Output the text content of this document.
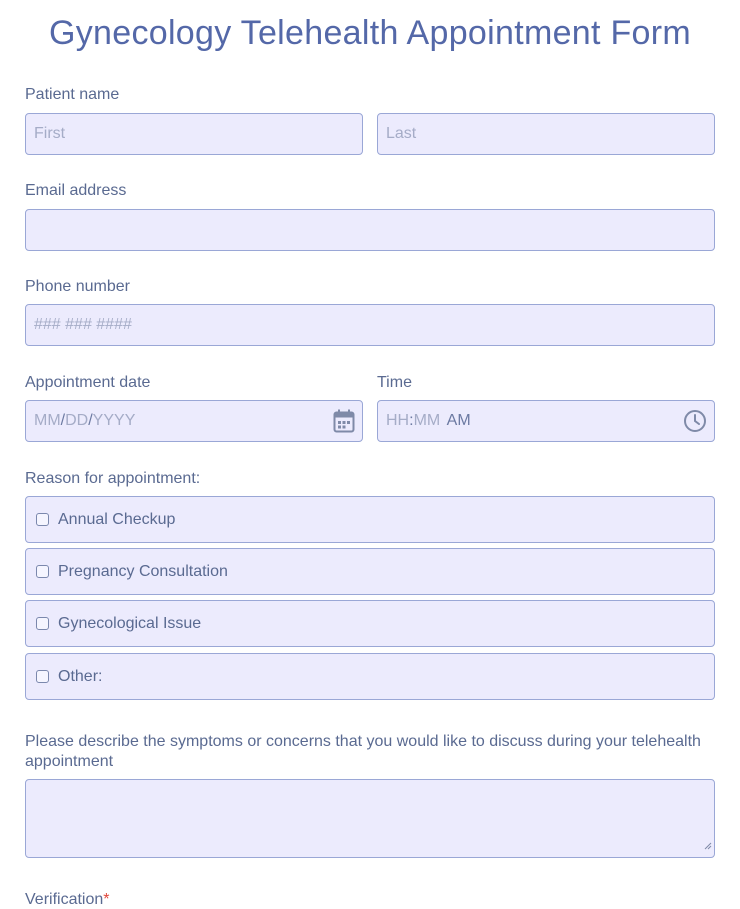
Gynecology Telehealth Appointment Form
Patient name
First
Last
Email address
Phone number
### ### ####
Appointment date
MM/DD/YYYY
Time
HH:MM AM
Reason for appointment:
Annual Checkup
Pregnancy Consultation
Gynecological Issue
Other:
Please describe the symptoms or concerns that you would like to discuss during your telehealth appointment
Verification*
